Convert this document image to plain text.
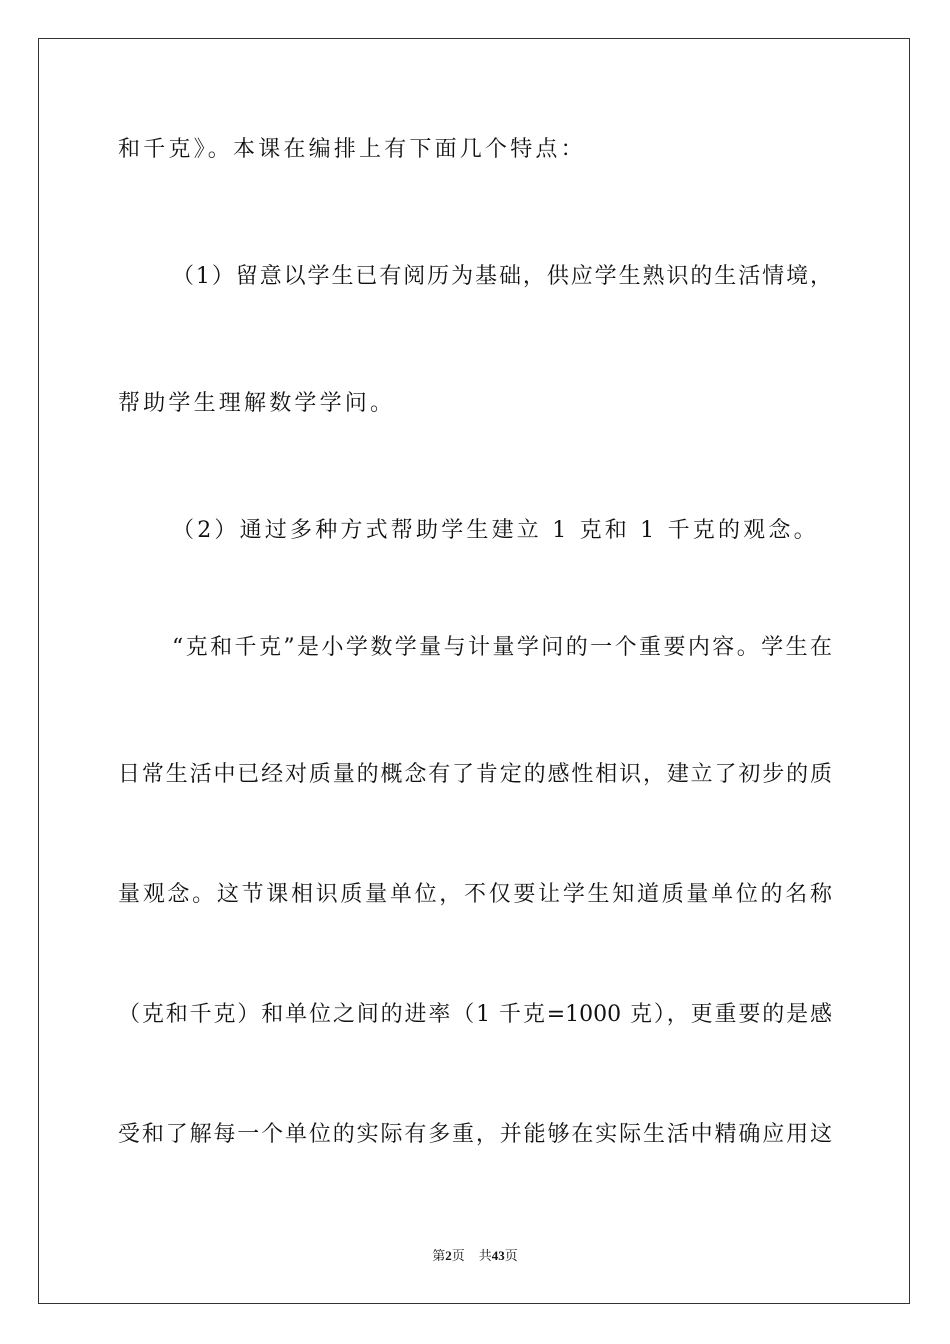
和千克》。本课在编排上有下面几个特点：
（1）留意以学生已有阅历为基础，供应学生熟识的生活情境，
帮助学生理解数学学问。
（2）通过多种方式帮助学生建立 1 克和 1 千克的观念。
“克和千克”是小学数学量与计量学问的一个重要内容。学生在
日常生活中已经对质量的概念有了肯定的感性相识，建立了初步的质
量观念。这节课相识质量单位，不仅要让学生知道质量单位的名称
（克和千克）和单位之间的进率（1 千克=1000 克），更重要的是感
受和了解每一个单位的实际有多重，并能够在实际生活中精确应用这
第2页 共43页
